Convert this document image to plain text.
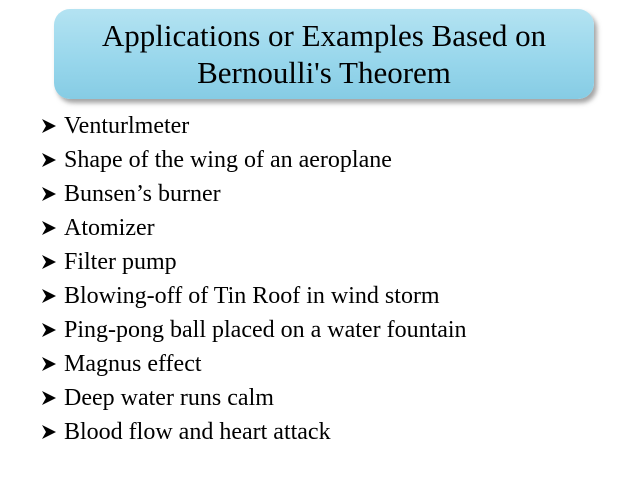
Applications or Examples Based on
Bernoulli's Theorem
Venturlmeter
Shape of the wing of an aeroplane
Bunsen’s burner
Atomizer
Filter pump
Blowing-off of Tin Roof in wind storm
Ping-pong ball placed on a water fountain
Magnus effect
Deep water runs calm
Blood flow and heart attack
